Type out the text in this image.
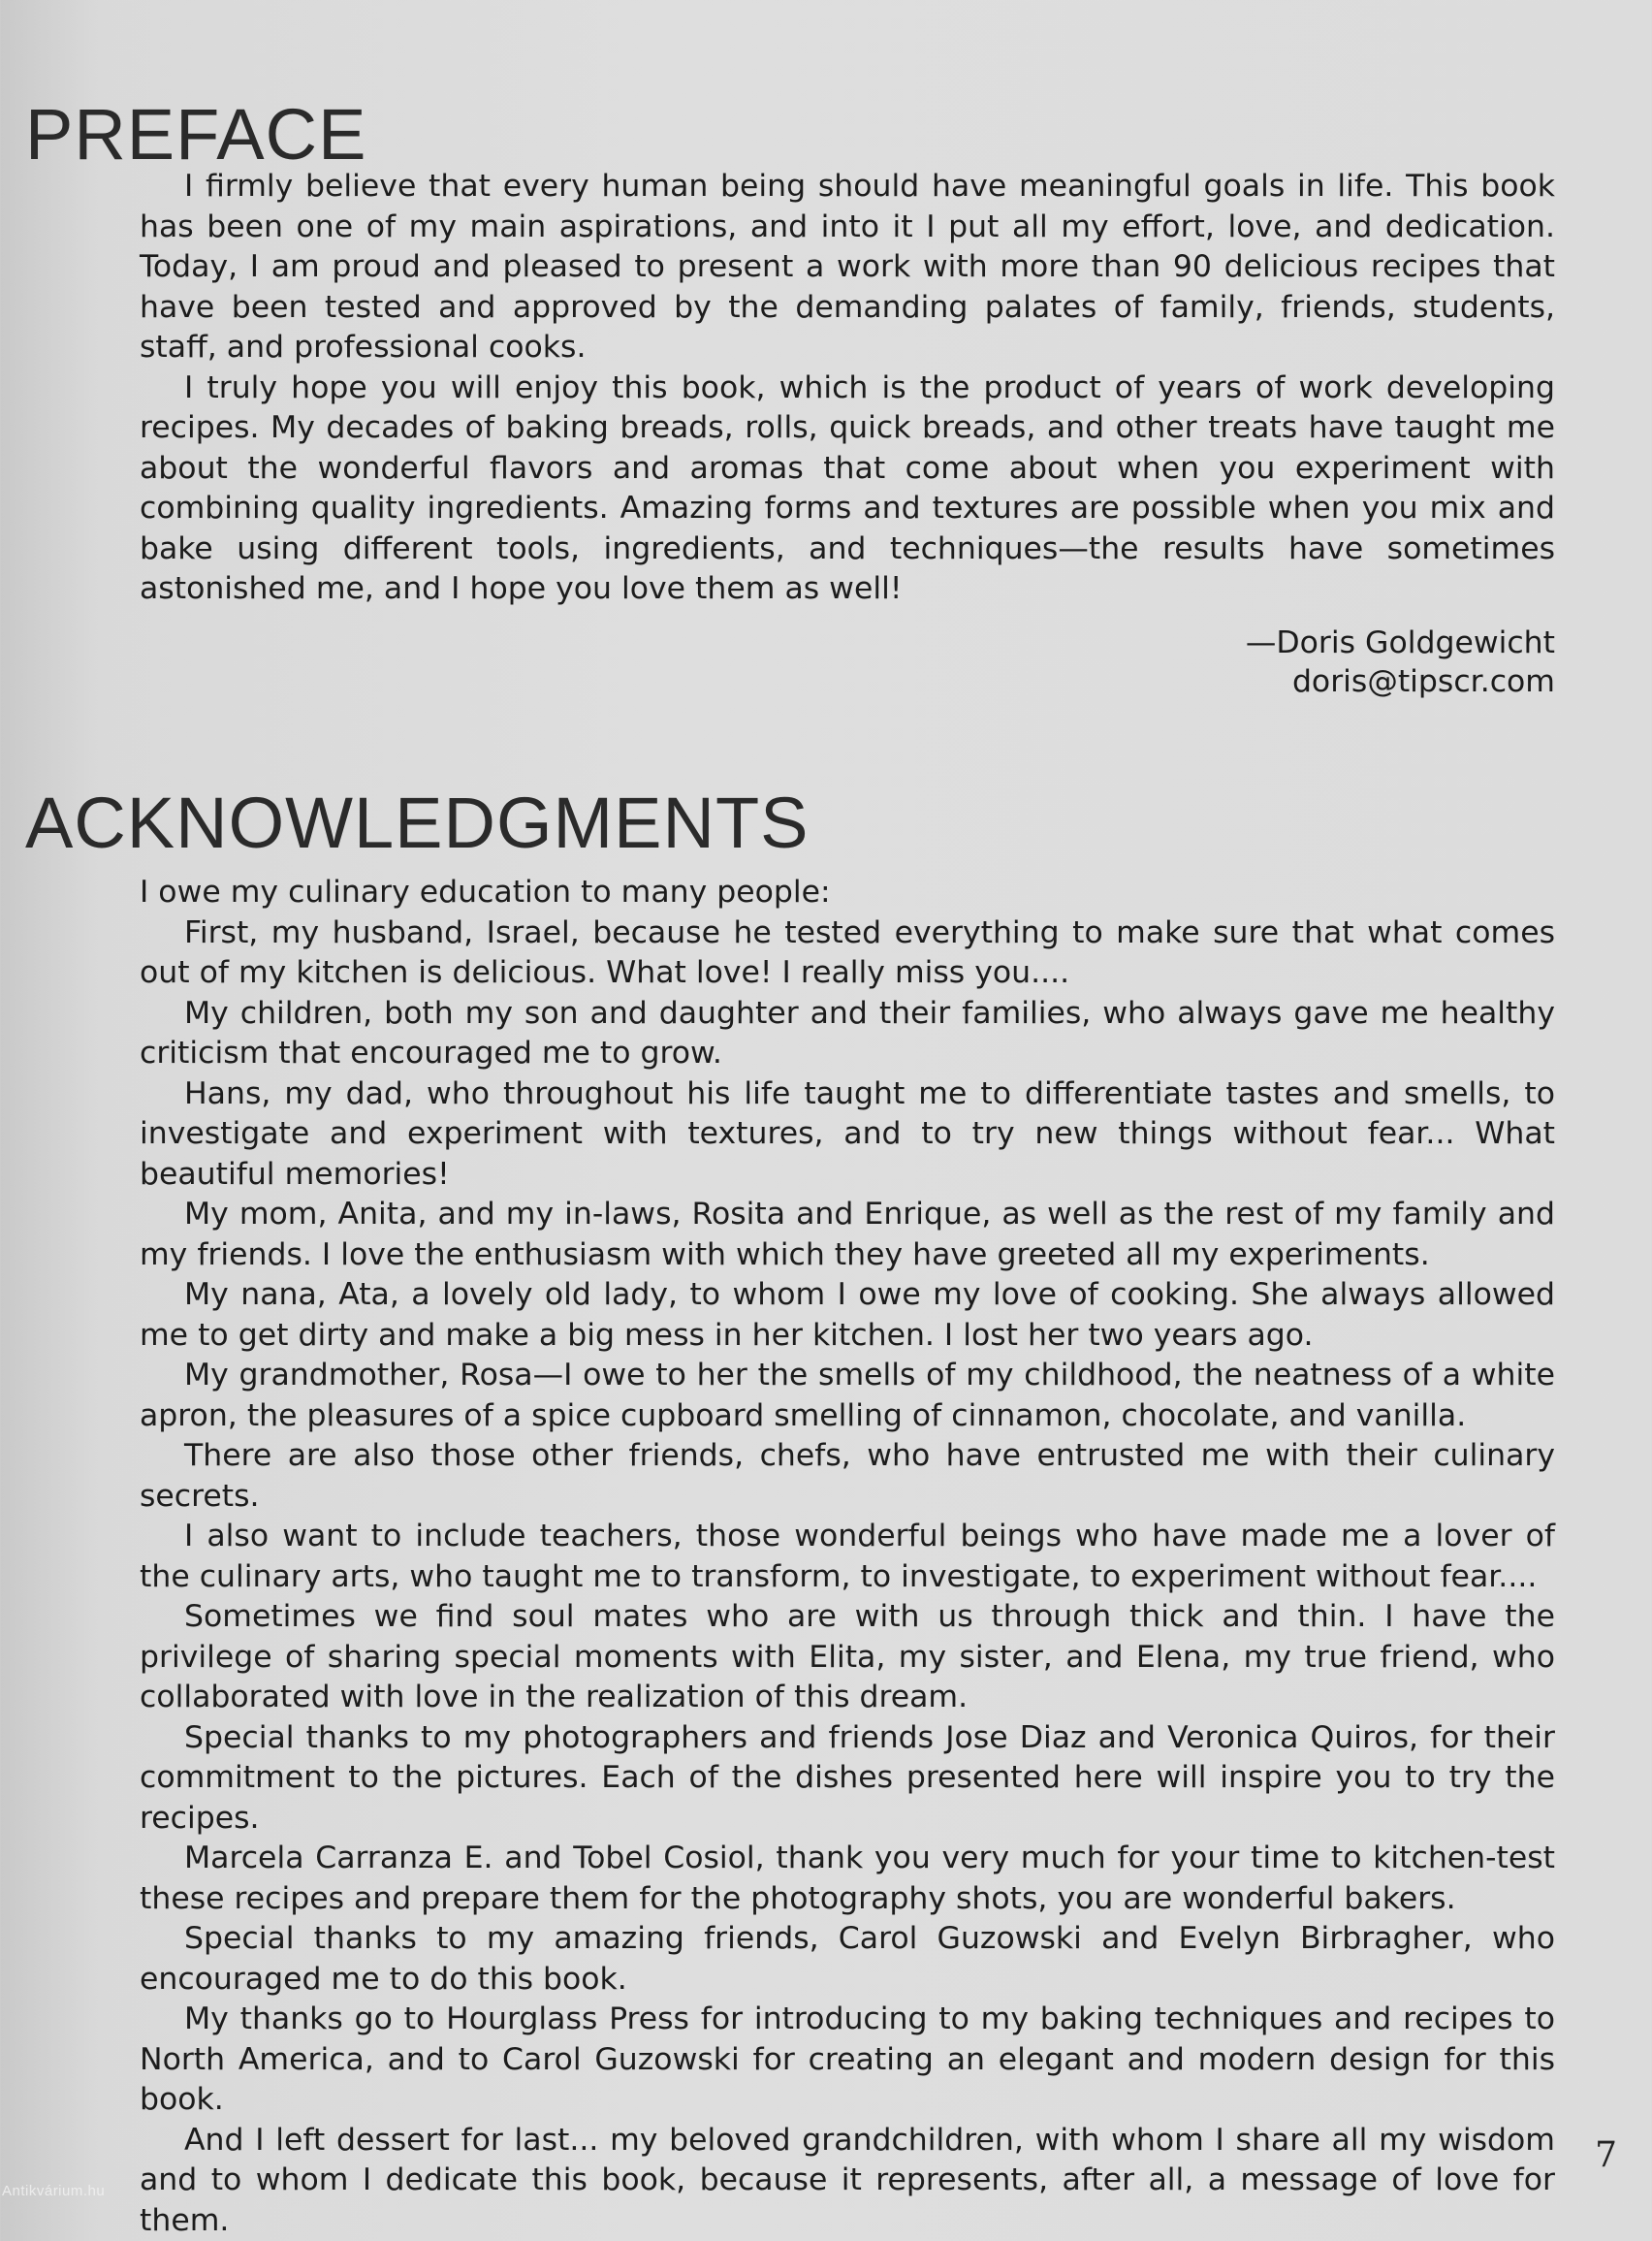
PREFACE

I firmly believe that every human being should have meaningful goals in life. This book has been one of my main aspirations, and into it I put all my effort, love, and dedication. Today, I am proud and pleased to present a work with more than 90 delicious recipes that have been tested and approved by the demanding palates of family, friends, students, staff, and professional cooks.

I truly hope you will enjoy this book, which is the product of years of work developing recipes. My decades of baking breads, rolls, quick breads, and other treats have taught me about the wonderful flavors and aromas that come about when you experiment with combining quality ingredients. Amazing forms and textures are possible when you mix and bake using different tools, ingredients, and techniques—the results have sometimes astonished me, and I hope you love them as well!

—Doris Goldgewicht
doris@tipscr.com
ACKNOWLEDGMENTS

I owe my culinary education to many people:

First, my husband, Israel, because he tested everything to make sure that what comes out of my kitchen is delicious. What love! I really miss you....

My children, both my son and daughter and their families, who always gave me healthy criticism that encouraged me to grow.

Hans, my dad, who throughout his life taught me to differentiate tastes and smells, to investigate and experiment with textures, and to try new things without fear... What beautiful memories!

My mom, Anita, and my in-laws, Rosita and Enrique, as well as the rest of my family and my friends. I love the enthusiasm with which they have greeted all my experiments.

My nana, Ata, a lovely old lady, to whom I owe my love of cooking. She always allowed me to get dirty and make a big mess in her kitchen. I lost her two years ago.

My grandmother, Rosa—I owe to her the smells of my childhood, the neatness of a white apron, the pleasures of a spice cupboard smelling of cinnamon, chocolate, and vanilla.

There are also those other friends, chefs, who have entrusted me with their culinary secrets.

I also want to include teachers, those wonderful beings who have made me a lover of the culinary arts, who taught me to transform, to investigate, to experiment without fear....

Sometimes we find soul mates who are with us through thick and thin. I have the privilege of sharing special moments with Elita, my sister, and Elena, my true friend, who collaborated with love in the realization of this dream.

Special thanks to my photographers and friends Jose Diaz and Veronica Quiros, for their commitment to the pictures. Each of the dishes presented here will inspire you to try the recipes.

Marcela Carranza E. and Tobel Cosiol, thank you very much for your time to kitchen-test these recipes and prepare them for the photography shots, you are wonderful bakers.

Special thanks to my amazing friends, Carol Guzowski and Evelyn Birbragher, who encouraged me to do this book.

My thanks go to Hourglass Press for introducing to my baking techniques and recipes to North America, and to Carol Guzowski for creating an elegant and modern design for this book.

And I left dessert for last... my beloved grandchildren, with whom I share all my wisdom and to whom I dedicate this book, because it represents, after all, a message of love for them.

7
Antikvárium.hu
